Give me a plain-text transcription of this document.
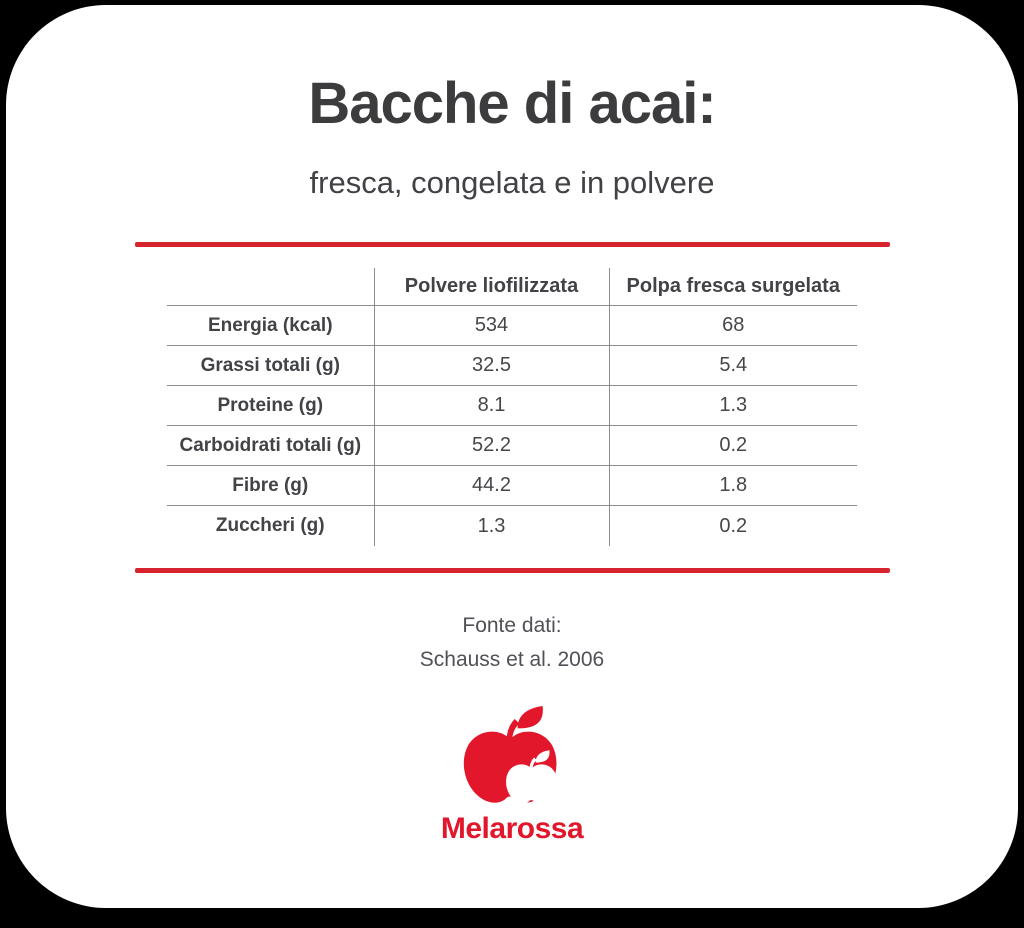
Bacche di acai:
fresca, congelata e in polvere
	Polvere liofilizzata	Polpa fresca surgelata
Energia (kcal)	534	68
Grassi totali (g)	32.5	5.4
Proteine (g)	8.1	1.3
Carboidrati totali (g)	52.2	0.2
Fibre (g)	44.2	1.8
Zuccheri (g)	1.3	0.2
Fonte dati:
Schauss et al. 2006
Melarossa
